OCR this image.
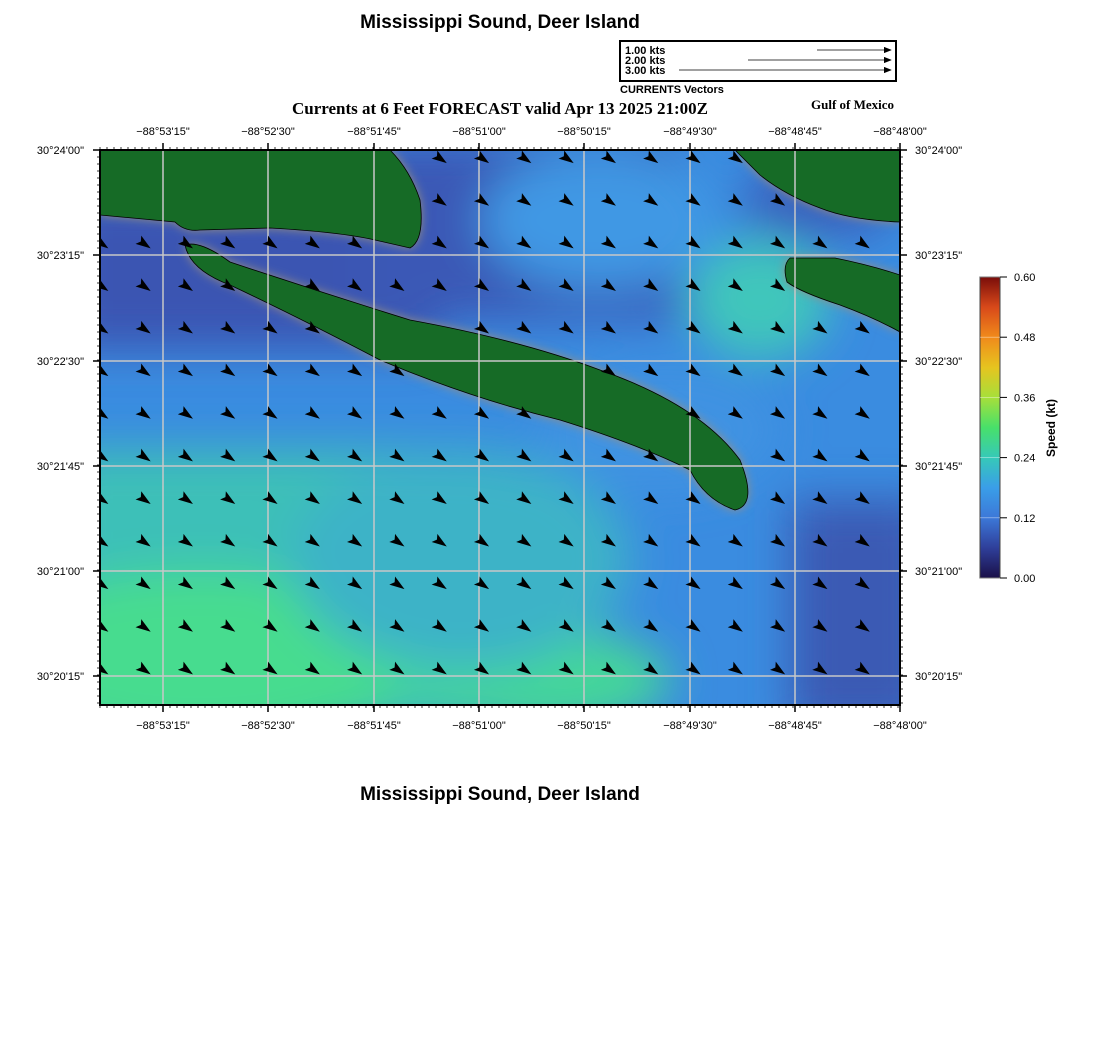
Mississippi Sound, Deer Island
1.00 kts
2.00 kts
3.00 kts
CURRENTS Vectors
Currents at 6 Feet FORECAST valid Apr 13 2025 21:00Z	Gulf of Mexico
−88°53'15"
−88°53'15"
−88°52'30"
−88°52'30"
−88°51'45"
−88°51'45"
−88°51'00"
−88°51'00"
−88°50'15"
−88°50'15"
−88°49'30"
−88°49'30"
−88°48'45"
−88°48'45"
−88°48'00"
−88°48'00"
30°24'00"	30°24'00"
30°23'15"	30°23'15"
30°22'30"	30°22'30"
30°21'45"	30°21'45"
30°21'00"	30°21'00"
30°20'15"	30°20'15"
0.60
0.48
0.36
0.24
0.12
0.00
Speed (kt)
Mississippi Sound, Deer Island
